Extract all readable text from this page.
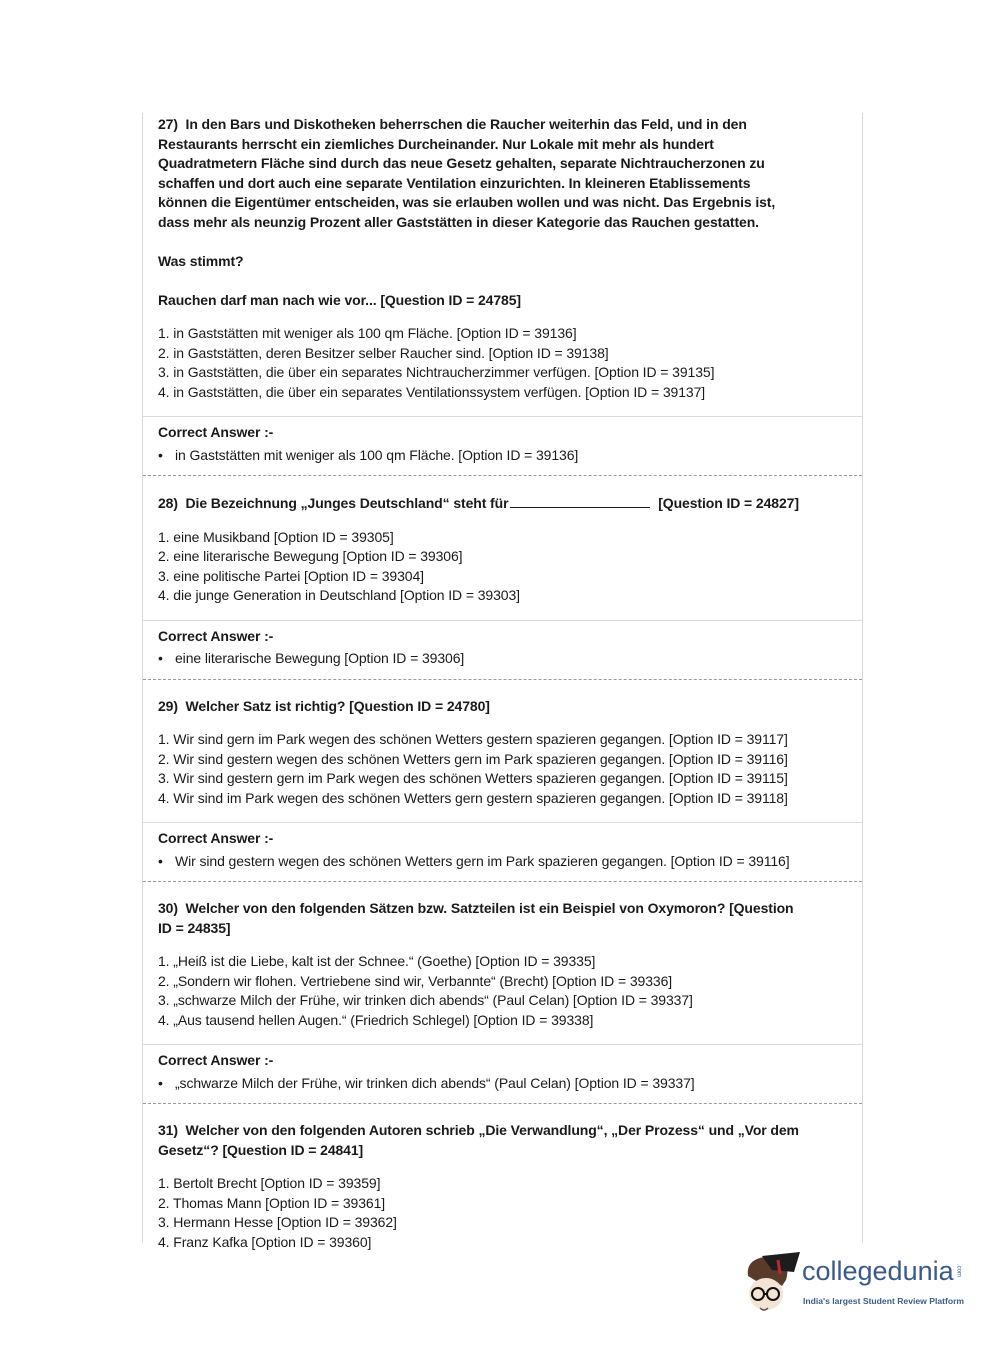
27) In den Bars und Diskotheken beherrschen die Raucher weiterhin das Feld, und in den
Restaurants herrscht ein ziemliches Durcheinander. Nur Lokale mit mehr als hundert
Quadratmetern Fläche sind durch das neue Gesetz gehalten, separate Nichtraucherzonen zu
schaffen und dort auch eine separate Ventilation einzurichten. In kleineren Etablissements
können die Eigentümer entscheiden, was sie erlauben wollen und was nicht. Das Ergebnis ist,
dass mehr als neunzig Prozent aller Gaststätten in dieser Kategorie das Rauchen gestatten.
Was stimmt?
Rauchen darf man nach wie vor... [Question ID = 24785]
1. in Gaststätten mit weniger als 100 qm Fläche. [Option ID = 39136]
2. in Gaststätten, deren Besitzer selber Raucher sind. [Option ID = 39138]
3. in Gaststätten, die über ein separates Nichtraucherzimmer verfügen. [Option ID = 39135]
4. in Gaststätten, die über ein separates Ventilationssystem verfügen. [Option ID = 39137]
Correct Answer :-
• in Gaststätten mit weniger als 100 qm Fläche. [Option ID = 39136]
28) Die Bezeichnung „Junges Deutschland“ steht für	[Question ID = 24827]
1. eine Musikband [Option ID = 39305]
2. eine literarische Bewegung [Option ID = 39306]
3. eine politische Partei [Option ID = 39304]
4. die junge Generation in Deutschland [Option ID = 39303]
Correct Answer :-
• eine literarische Bewegung [Option ID = 39306]
29) Welcher Satz ist richtig? [Question ID = 24780]
1. Wir sind gern im Park wegen des schönen Wetters gestern spazieren gegangen. [Option ID = 39117]
2. Wir sind gestern wegen des schönen Wetters gern im Park spazieren gegangen. [Option ID = 39116]
3. Wir sind gestern gern im Park wegen des schönen Wetters spazieren gegangen. [Option ID = 39115]
4. Wir sind im Park wegen des schönen Wetters gern gestern spazieren gegangen. [Option ID = 39118]
Correct Answer :-
• Wir sind gestern wegen des schönen Wetters gern im Park spazieren gegangen. [Option ID = 39116]
30) Welcher von den folgenden Sätzen bzw. Satzteilen ist ein Beispiel von Oxymoron? [Question
ID = 24835]
1. „Heiß ist die Liebe, kalt ist der Schnee.“ (Goethe) [Option ID = 39335]
2. „Sondern wir flohen. Vertriebene sind wir, Verbannte“ (Brecht) [Option ID = 39336]
3. „schwarze Milch der Frühe, wir trinken dich abends“ (Paul Celan) [Option ID = 39337]
4. „Aus tausend hellen Augen.“ (Friedrich Schlegel) [Option ID = 39338]
Correct Answer :-
• „schwarze Milch der Frühe, wir trinken dich abends“ (Paul Celan) [Option ID = 39337]
31) Welcher von den folgenden Autoren schrieb „Die Verwandlung“, „Der Prozess“ und „Vor dem
Gesetz“? [Question ID = 24841]
1. Bertolt Brecht [Option ID = 39359]
2. Thomas Mann [Option ID = 39361]
3. Hermann Hesse [Option ID = 39362]
4. Franz Kafka [Option ID = 39360]
collegedunia .com
India's largest Student Review Platform
